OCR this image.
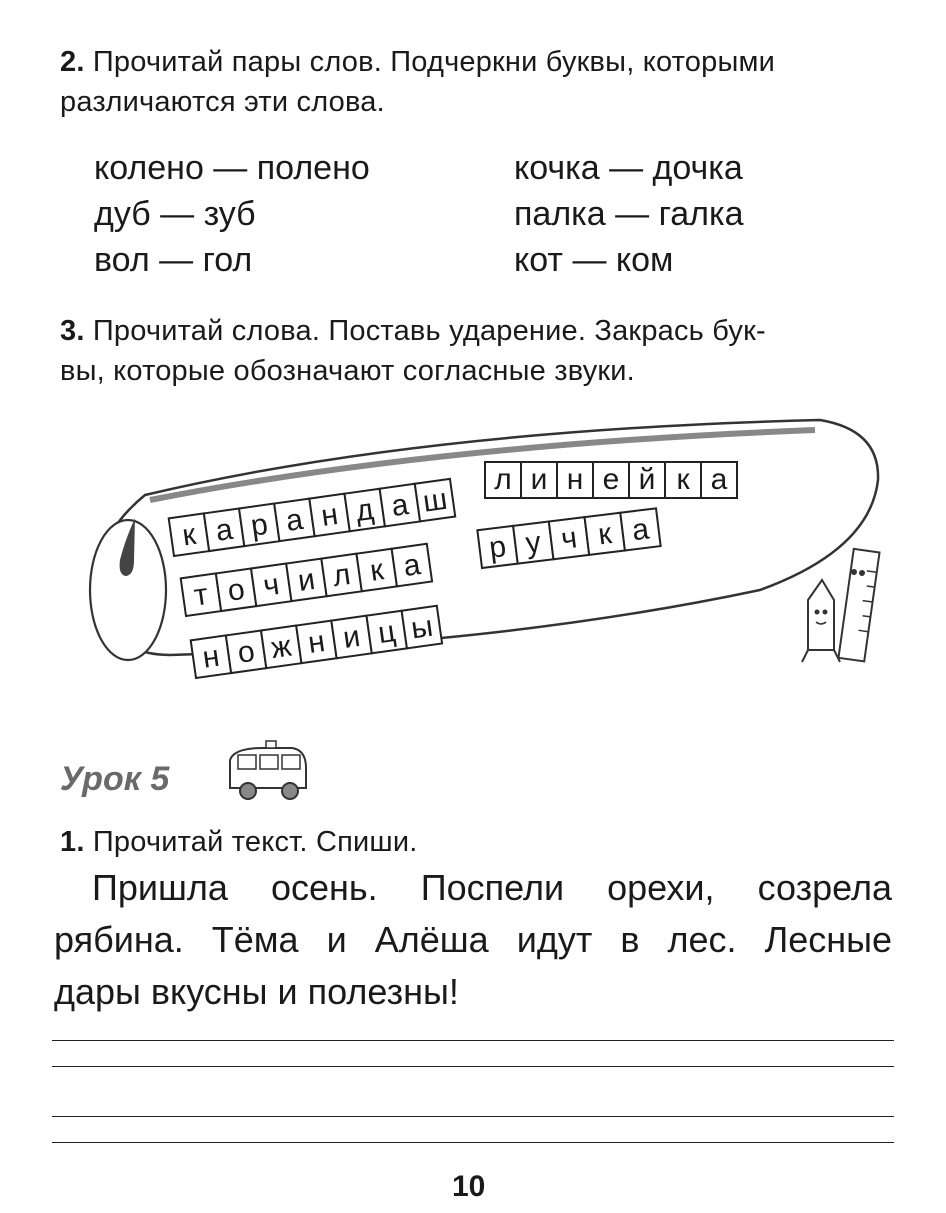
2. Прочитай пары слов. Подчеркни буквы, которыми
различаются эти слова.
колено — полено
дуб — зуб
вол — гол
кочка — дочка
палка — галка
кот — ком
3. Прочитай слова. Поставь ударение. Закрась бук-
вы, которые обозначают согласные звуки.
к а р а н д а ш
л и н е й к а
т о ч и л к а
р у ч к а
н о ж н и ц ы
Урок 5
1. Прочитай текст. Спиши.
Пришла осень. Поспели орехи, созрела
рябина. Тёма и Алёша идут в лес. Лесные
дары вкусны и полезны!
10
